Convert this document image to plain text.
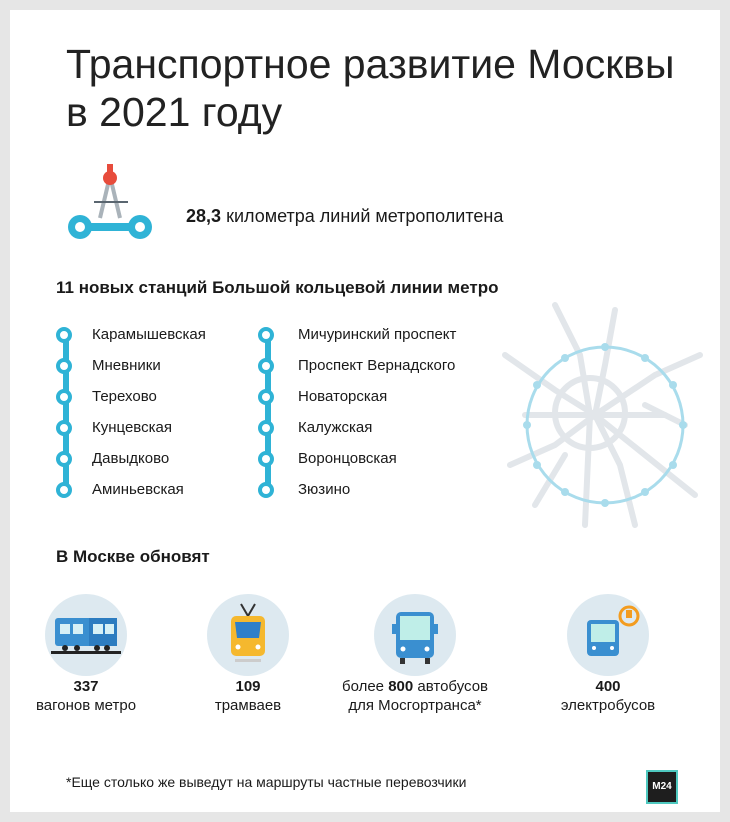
Транспортное развитие Москвы
в 2021 году
28,3 километра линий метрополитена
11 новых станций Большой кольцевой линии метро
Карамышевская
Мневники
Терехово
Кунцевская
Давыдково
Аминьевская
Мичуринский проспект
Проспект Вернадского
Новаторская
Калужская
Воронцовская
Зюзино
В Москве обновят
337
вагонов метро
109
трамваев
более 800 автобусов
для Мосгортранса*
400
электробусов
*Еще столько же выведут на маршруты частные перевозчики	M24
